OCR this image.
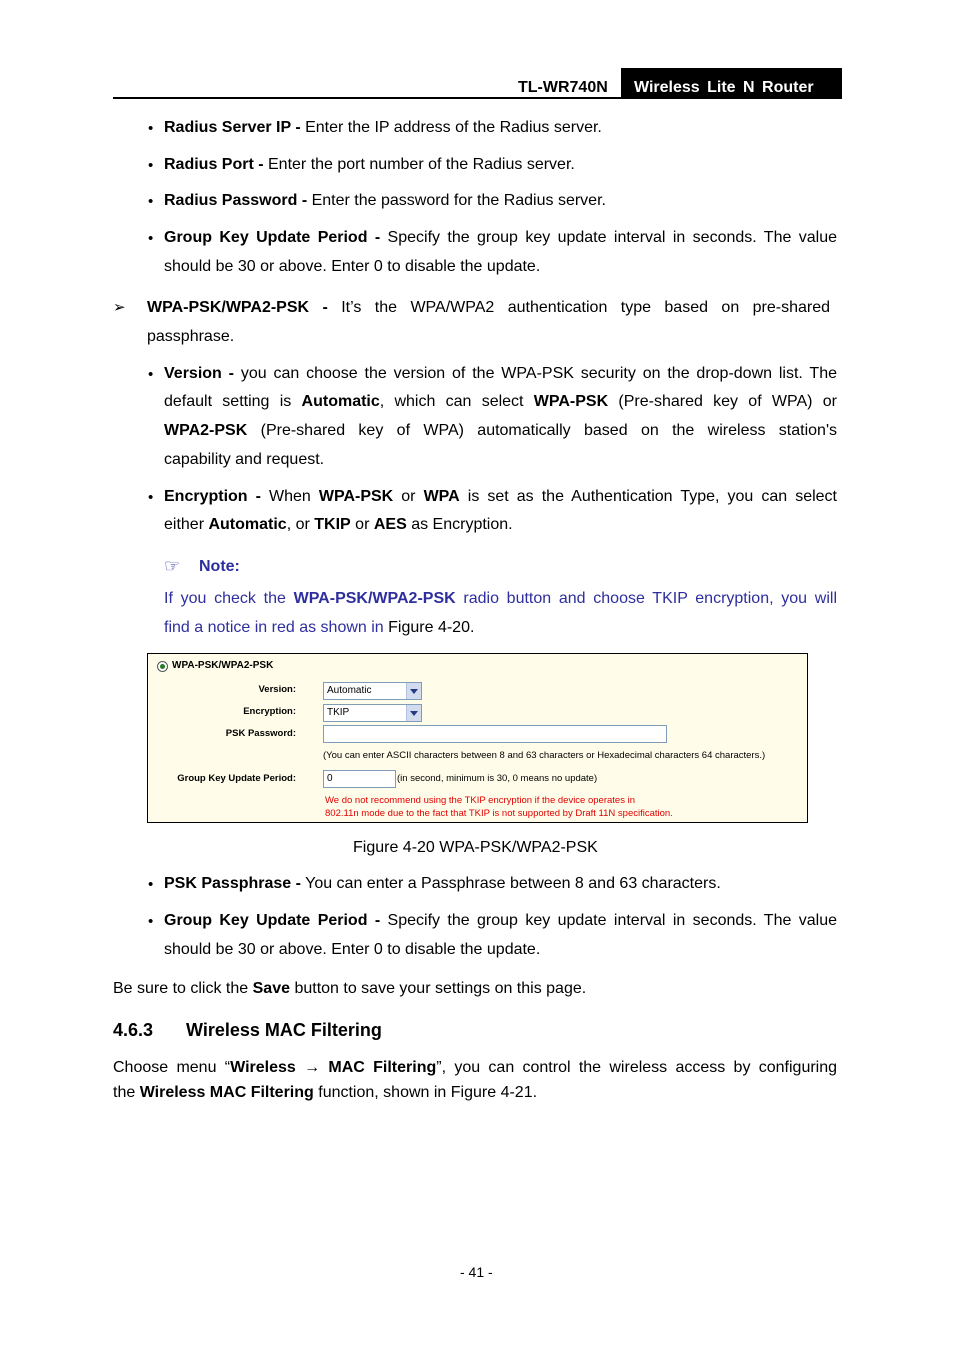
TL-WR740N Wireless Lite N Router
• Radius Server IP - Enter the IP address of the Radius server.
• Radius Port - Enter the port number of the Radius server.
• Radius Password - Enter the password for the Radius server.
• Group Key Update Period - Specify the group key update interval in seconds. The value
should be 30 or above. Enter 0 to disable the update.
➢ WPA-PSK/WPA2-PSK - It’s the WPA/WPA2 authentication type based on pre-shared
passphrase.
• Version - you can choose the version of the WPA-PSK security on the drop-down list. The
default setting is Automatic, which can select WPA-PSK (Pre-shared key of WPA) or
WPA2-PSK (Pre-shared key of WPA) automatically based on the wireless station's
capability and request.
• Encryption - When WPA-PSK or WPA is set as the Authentication Type, you can select
either Automatic, or TKIP or AES as Encryption.
☞ Note:
If you check the WPA-PSK/WPA2-PSK radio button and choose TKIP encryption, you will
find a notice in red as shown in Figure 4-20.
WPA-PSK/WPA2-PSK
Version:	Automatic
Encryption:	TKIP
PSK Password:
(You can enter ASCII characters between 8 and 63 characters or Hexadecimal characters 64 characters.)
Group Key Update Period:	0	(in second, minimum is 30, 0 means no update)
We do not recommend using the TKIP encryption if the device operates in
802.11n mode due to the fact that TKIP is not supported by Draft 11N specification.
Figure 4-20 WPA-PSK/WPA2-PSK
• PSK Passphrase - You can enter a Passphrase between 8 and 63 characters.
• Group Key Update Period - Specify the group key update interval in seconds. The value
should be 30 or above. Enter 0 to disable the update.
Be sure to click the Save button to save your settings on this page.
4.6.3 Wireless MAC Filtering
Choose menu “Wireless → MAC Filtering”, you can control the wireless access by configuring
the Wireless MAC Filtering function, shown in Figure 4-21.
- 41 -
